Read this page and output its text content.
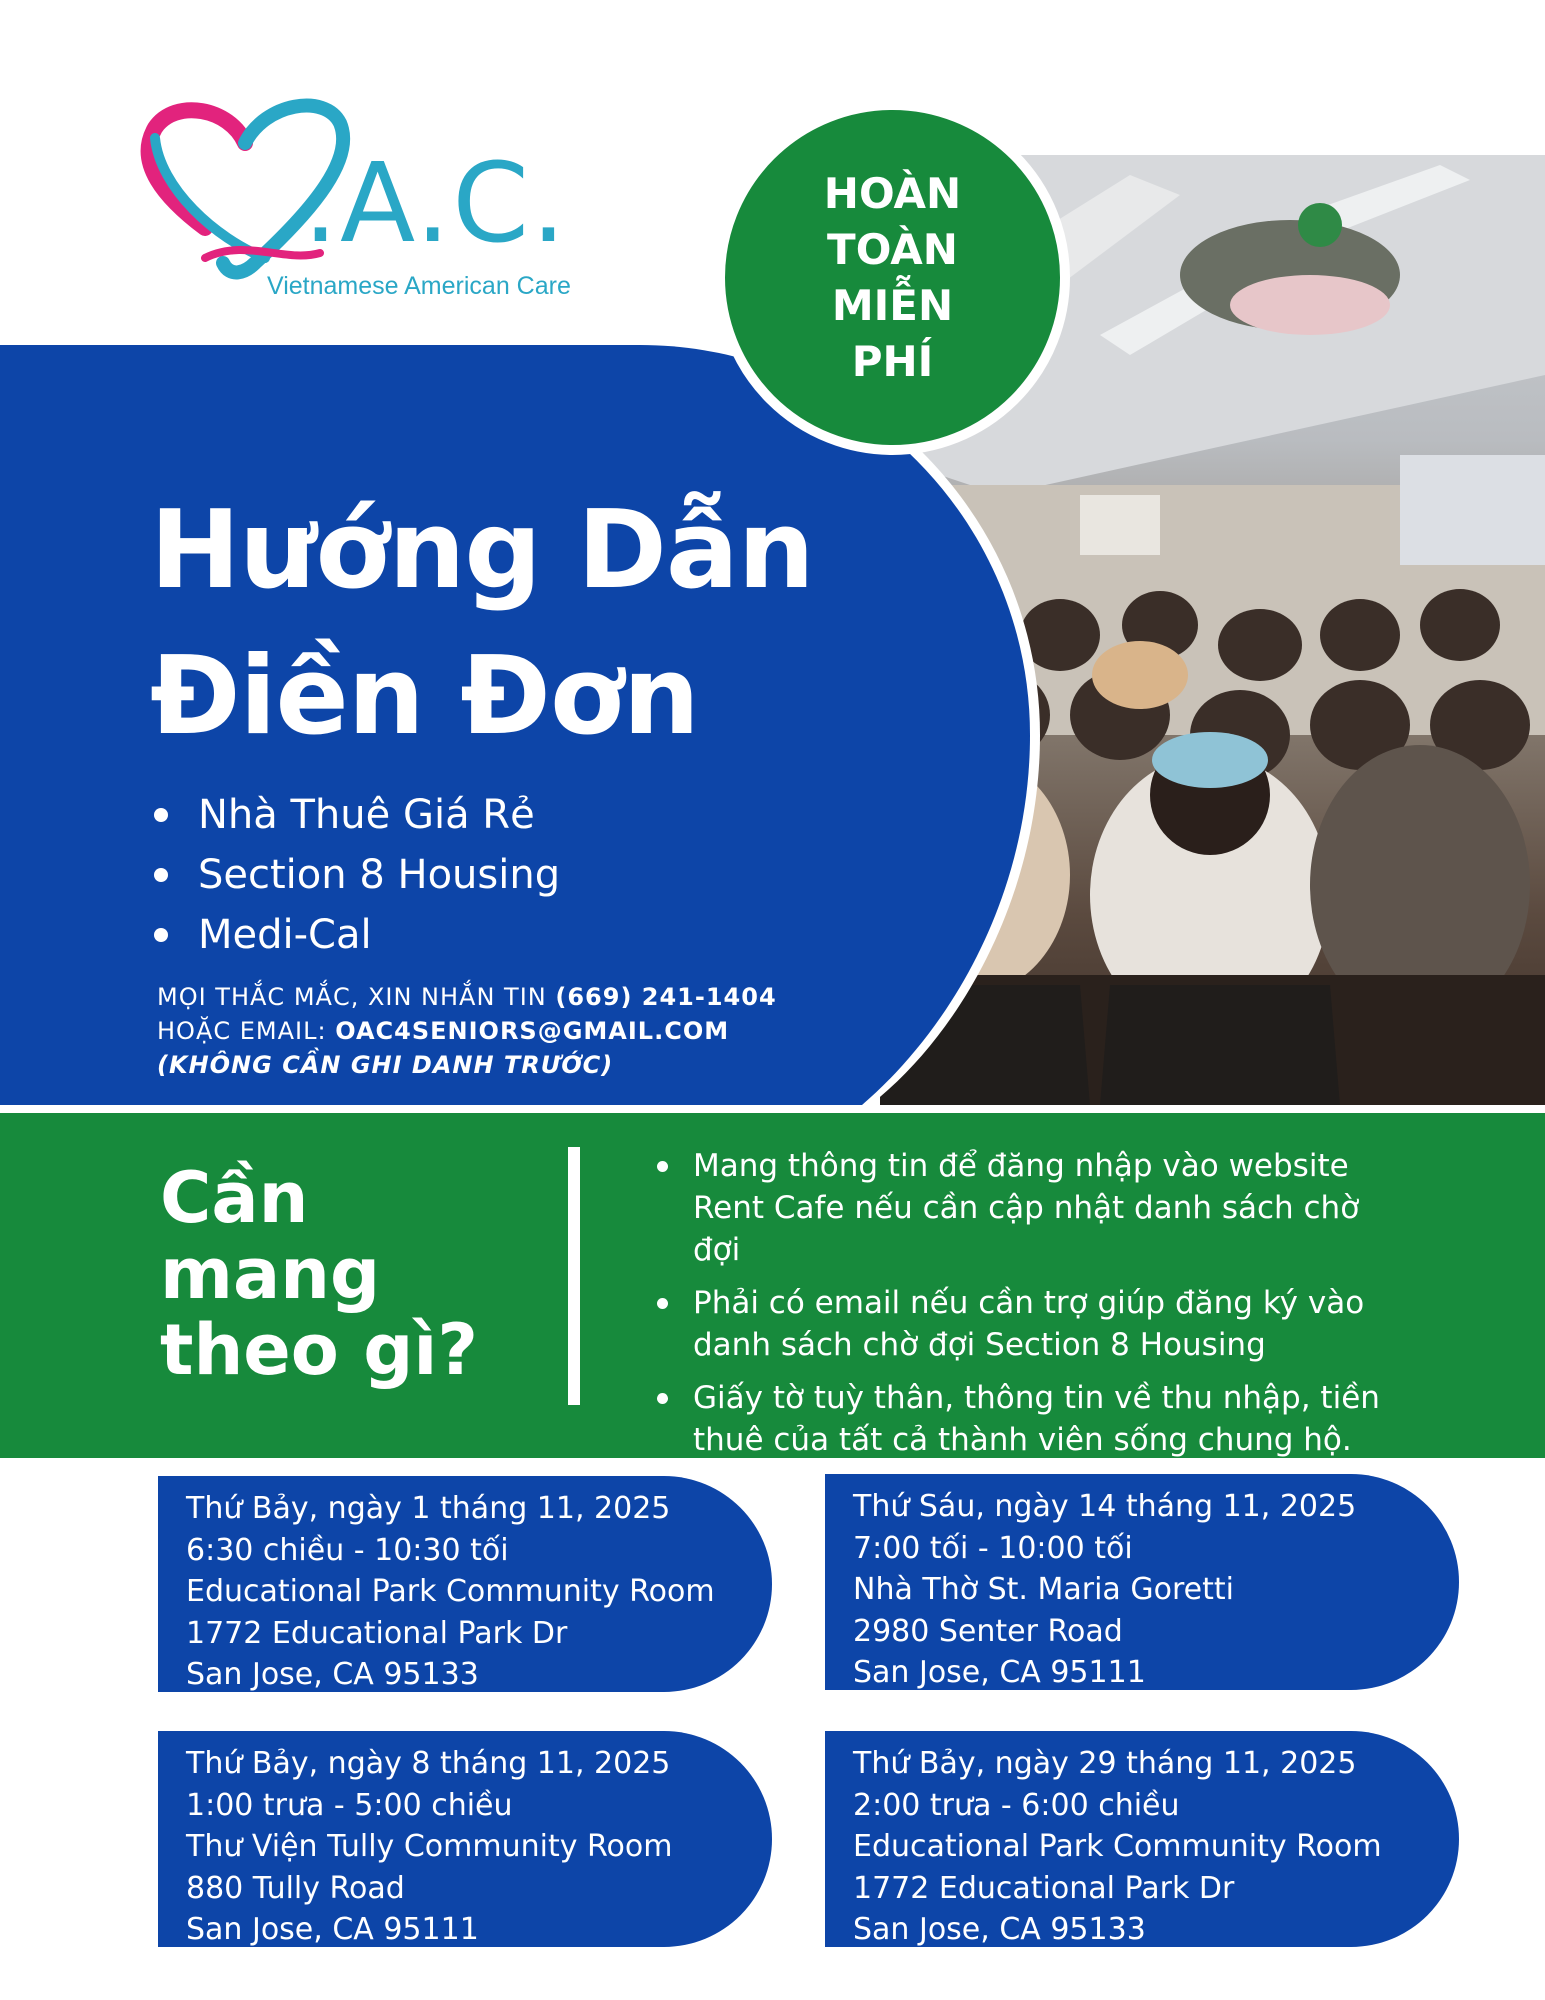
.A.C.
Vietnamese American Care
HOÀN
TOÀN
MIỄN
PHÍ
Hướng Dẫn
Điền Đơn
Nhà Thuê Giá Rẻ
Section 8 Housing
Medi-Cal
MỌI THẮC MẮC, XIN NHẮN TIN (669) 241-1404
HOẶC EMAIL: OAC4SENIORS@GMAIL.COM
(KHÔNG CẦN GHI DANH TRƯỚC)
Cần
mang
theo gì?
Mang thông tin để đăng nhập vào website Rent Cafe nếu cần cập nhật danh sách chờ đợi
Phải có email nếu cần trợ giúp đăng ký vào danh sách chờ đợi Section 8 Housing
Giấy tờ tuỳ thân, thông tin về thu nhập, tiền thuê của tất cả thành viên sống chung hộ.
Thứ Bảy, ngày 1 tháng 11, 2025
6:30 chiều - 10:30 tối
Educational Park Community Room
1772 Educational Park Dr
San Jose, CA 95133
Thứ Sáu, ngày 14 tháng 11, 2025
7:00 tối - 10:00 tối
Nhà Thờ St. Maria Goretti
2980 Senter Road
San Jose, CA 95111
Thứ Bảy, ngày 8 tháng 11, 2025
1:00 trưa - 5:00 chiều
Thư Viện Tully Community Room
880 Tully Road
San Jose, CA 95111
Thứ Bảy, ngày 29 tháng 11, 2025
2:00 trưa - 6:00 chiều
Educational Park Community Room
1772 Educational Park Dr
San Jose, CA 95133
